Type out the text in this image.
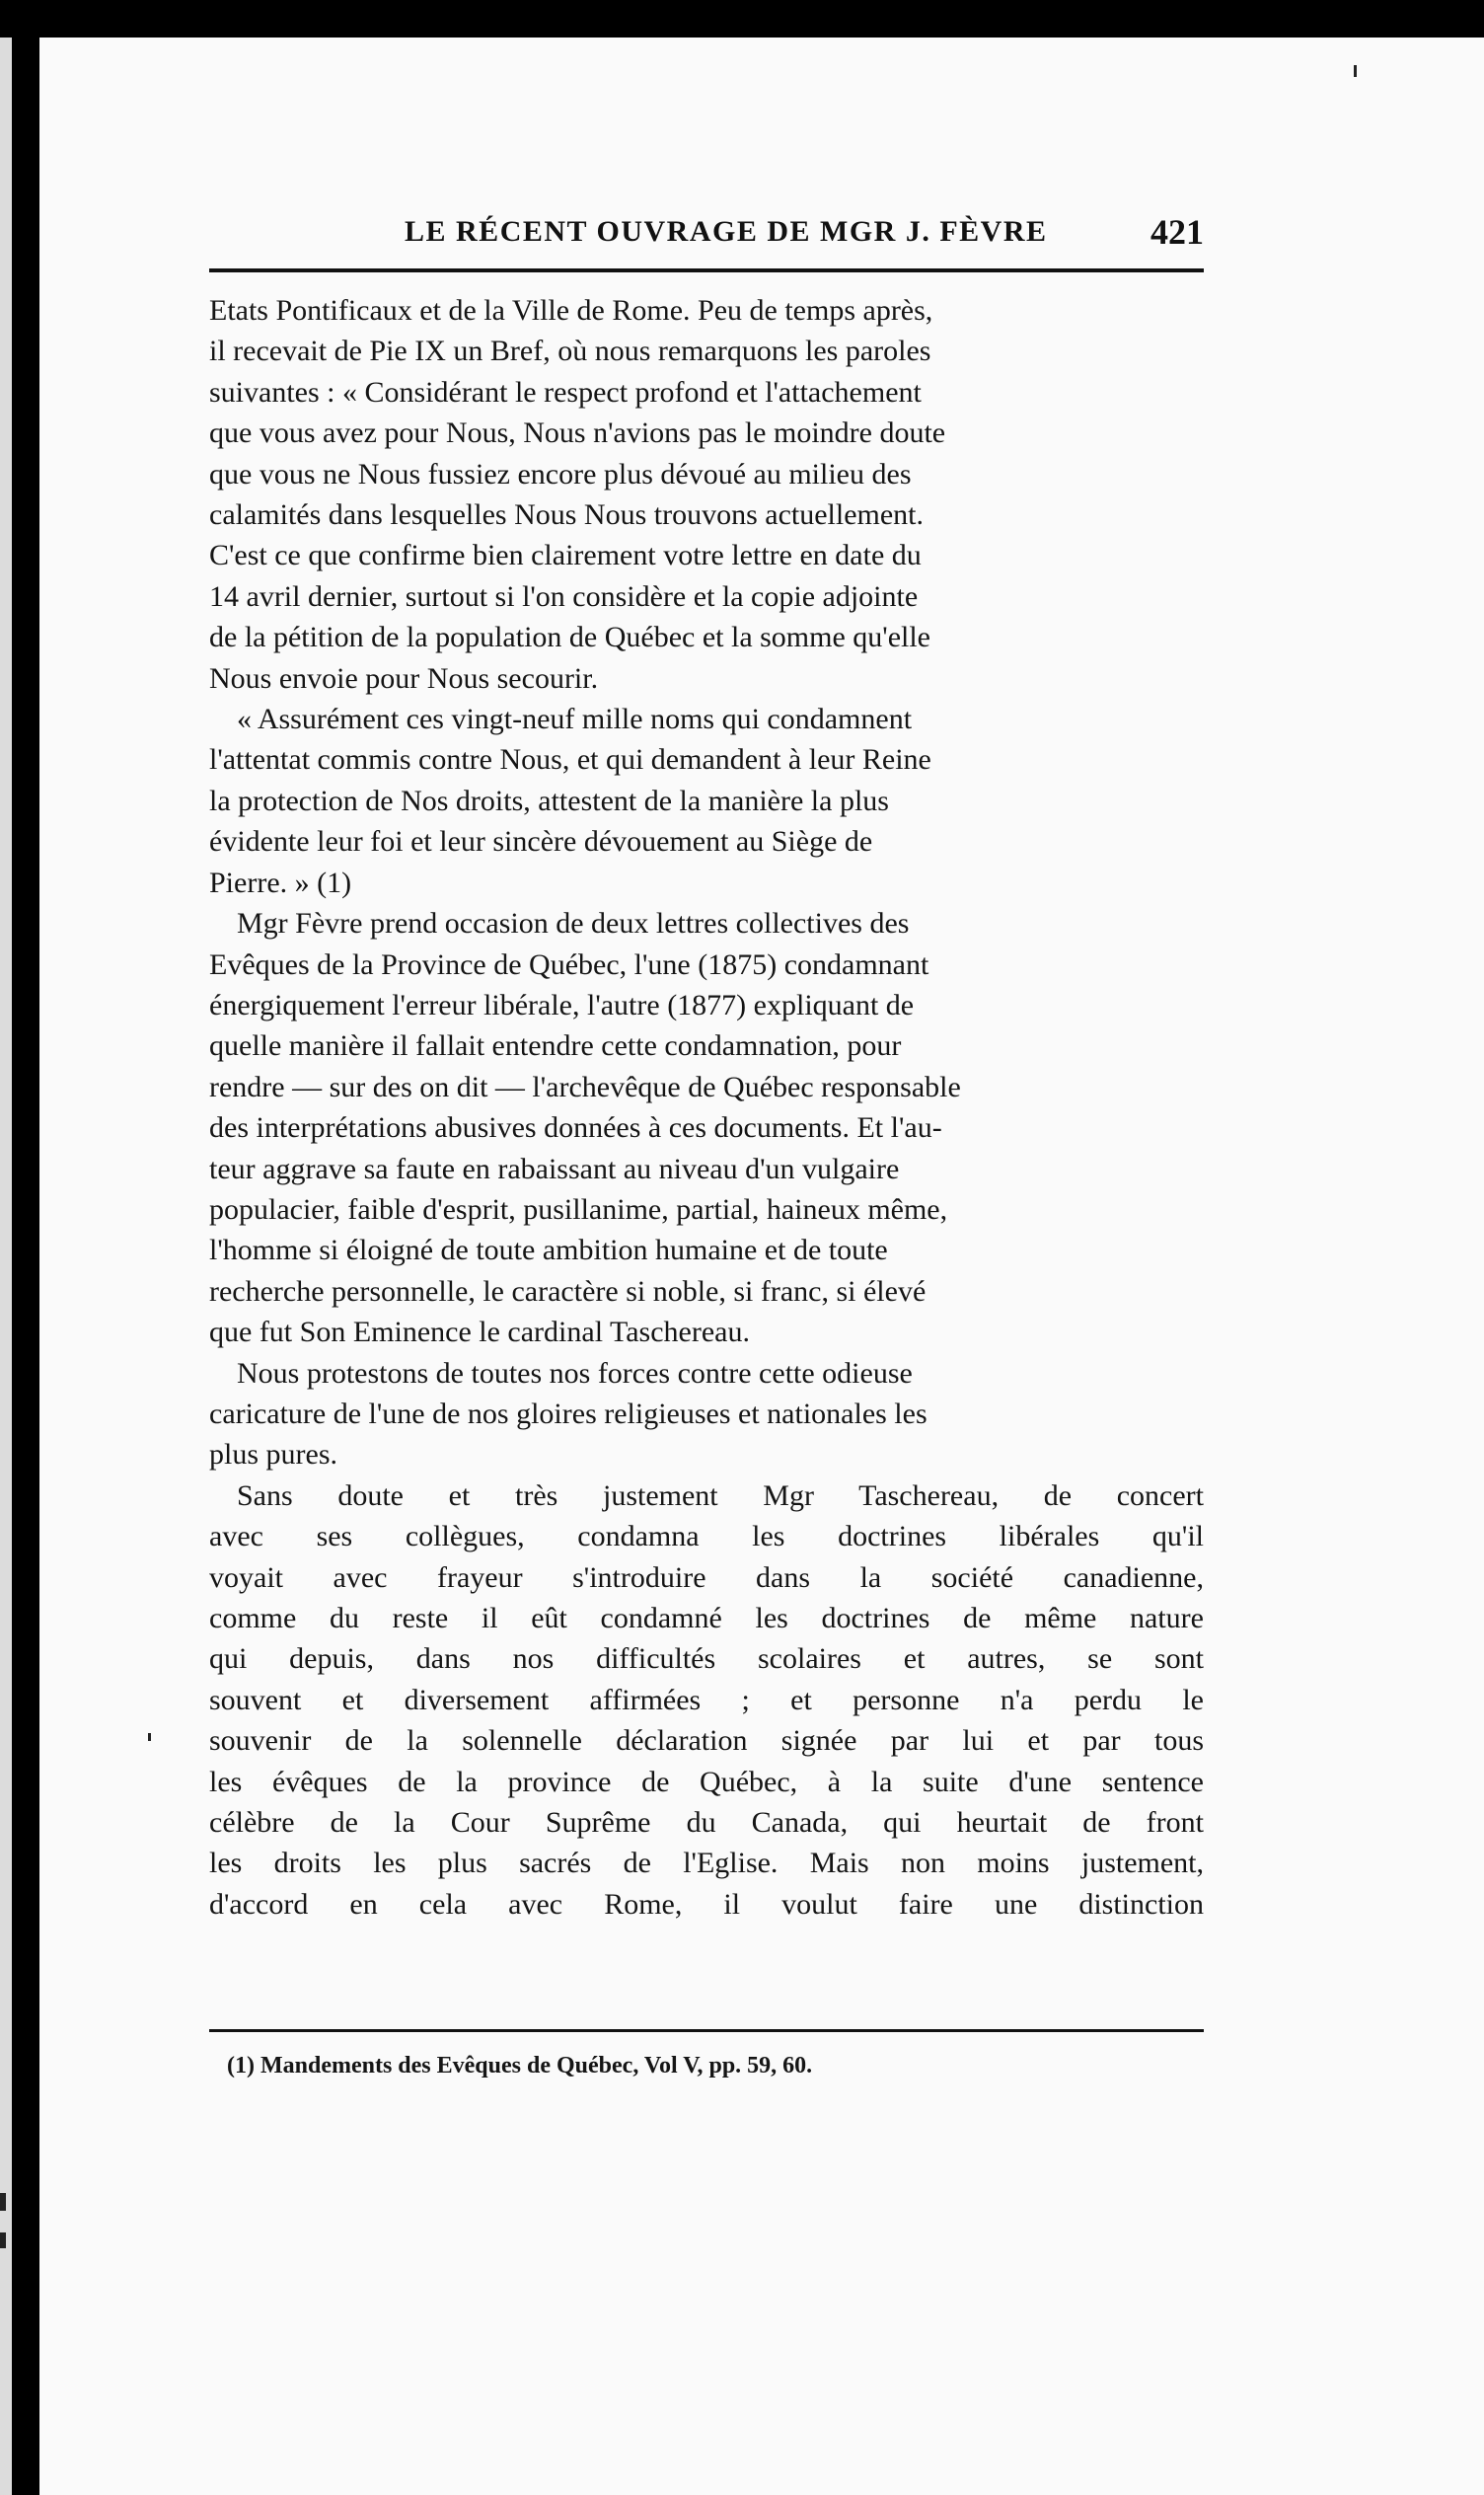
LE RÉCENT OUVRAGE DE MGR J. FÈVRE	421

Etats Pontificaux et de la Ville de Rome. Peu de temps après,
il recevait de Pie IX un Bref, où nous remarquons les paroles
suivantes : « Considérant le respect profond et l'attachement
que vous avez pour Nous, Nous n'avions pas le moindre doute
que vous ne Nous fussiez encore plus dévoué au milieu des
calamités dans lesquelles Nous Nous trouvons actuellement.
C'est ce que confirme bien clairement votre lettre en date du
14 avril dernier, surtout si l'on considère et la copie adjointe
de la pétition de la population de Québec et la somme qu'elle
Nous envoie pour Nous secourir.

« Assurément ces vingt-neuf mille noms qui condamnent
l'attentat commis contre Nous, et qui demandent à leur Reine
la protection de Nos droits, attestent de la manière la plus
évidente leur foi et leur sincère dévouement au Siège de
Pierre. » (1)

Mgr Fèvre prend occasion de deux lettres collectives des
Evêques de la Province de Québec, l'une (1875) condamnant
énergiquement l'erreur libérale, l'autre (1877) expliquant de
quelle manière il fallait entendre cette condamnation, pour
rendre — sur des on dit — l'archevêque de Québec responsable
des interprétations abusives données à ces documents. Et l'au-
teur aggrave sa faute en rabaissant au niveau d'un vulgaire
populacier, faible d'esprit, pusillanime, partial, haineux même,
l'homme si éloigné de toute ambition humaine et de toute
recherche personnelle, le caractère si noble, si franc, si élevé
que fut Son Eminence le cardinal Taschereau.

Nous protestons de toutes nos forces contre cette odieuse
caricature de l'une de nos gloires religieuses et nationales les
plus pures.

Sans doute et très justement Mgr Taschereau, de concert
avec ses collègues, condamna les doctrines libérales qu'il
voyait avec frayeur s'introduire dans la société canadienne,
comme du reste il eût condamné les doctrines de même nature
qui depuis, dans nos difficultés scolaires et autres, se sont
souvent et diversement affirmées ; et personne n'a perdu le
souvenir de la solennelle déclaration signée par lui et par tous
les évêques de la province de Québec, à la suite d'une sentence
célèbre de la Cour Suprême du Canada, qui heurtait de front
les droits les plus sacrés de l'Eglise. Mais non moins justement,
d'accord en cela avec Rome, il voulut faire une distinction

(1) Mandements des Evêques de Québec, Vol V, pp. 59, 60.
